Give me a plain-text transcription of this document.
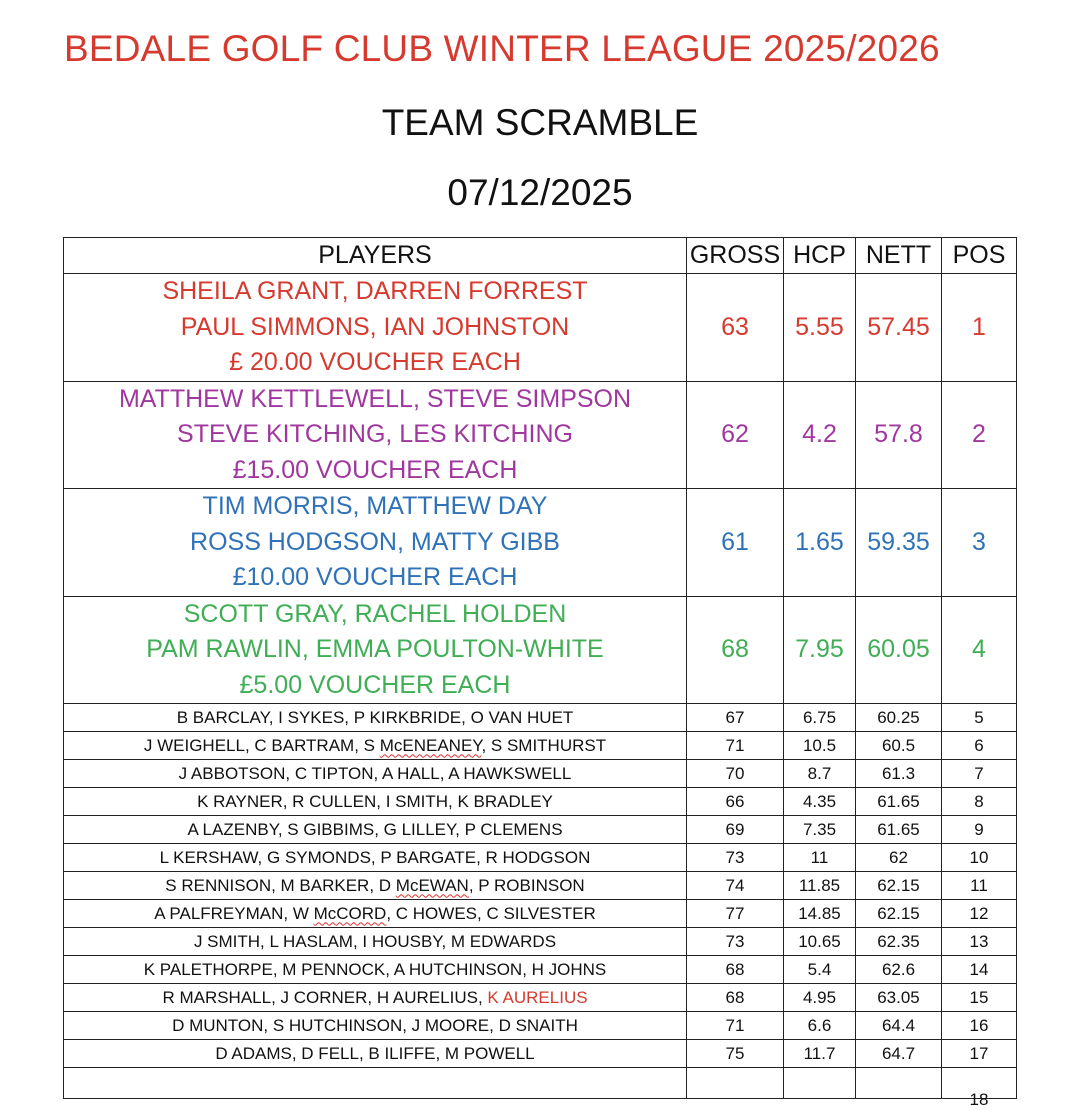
BEDALE GOLF CLUB WINTER LEAGUE 2025/2026
TEAM SCRAMBLE
07/12/2025
PLAYERS	GROSS	HCP	NETT	POS

SHEILA GRANT, DARREN FORREST
PAUL SIMMONS, IAN JOHNSTON
£ 20.00 VOUCHER EACH	63	5.55	57.45	1

MATTHEW KETTLEWELL, STEVE SIMPSON
STEVE KITCHING, LES KITCHING
£15.00 VOUCHER EACH	62	4.2	57.8	2

TIM MORRIS, MATTHEW DAY
ROSS HODGSON, MATTY GIBB
£10.00 VOUCHER EACH	61	1.65	59.35	3

SCOTT GRAY, RACHEL HOLDEN
PAM RAWLIN, EMMA POULTON-WHITE
£5.00 VOUCHER EACH	68	7.95	60.05	4
B BARCLAY, I SYKES, P KIRKBRIDE, O VAN HUET	67	6.75	60.25	5
J WEIGHELL, C BARTRAM, S McENEANEY, S SMITHURST	71	10.5	60.5	6
J ABBOTSON, C TIPTON, A HALL, A HAWKSWELL	70	8.7	61.3	7
K RAYNER, R CULLEN, I SMITH, K BRADLEY	66	4.35	61.65	8
A LAZENBY, S GIBBIMS, G LILLEY, P CLEMENS	69	7.35	61.65	9
L KERSHAW, G SYMONDS, P BARGATE, R HODGSON	73	11	62	10
S RENNISON, M BARKER, D McEWAN, P ROBINSON	74	11.85	62.15	11
A PALFREYMAN, W McCORD, C HOWES, C SILVESTER	77	14.85	62.15	12
J SMITH, L HASLAM, I HOUSBY, M EDWARDS	73	10.65	62.35	13
K PALETHORPE, M PENNOCK, A HUTCHINSON, H JOHNS	68	5.4	62.6	14
R MARSHALL, J CORNER, H AURELIUS, K AURELIUS	68	4.95	63.05	15
D MUNTON, S HUTCHINSON, J MOORE, D SNAITH	71	6.6	64.4	16
D ADAMS, D FELL, B ILIFFE, M POWELL	75	11.7	64.7	17
				18
